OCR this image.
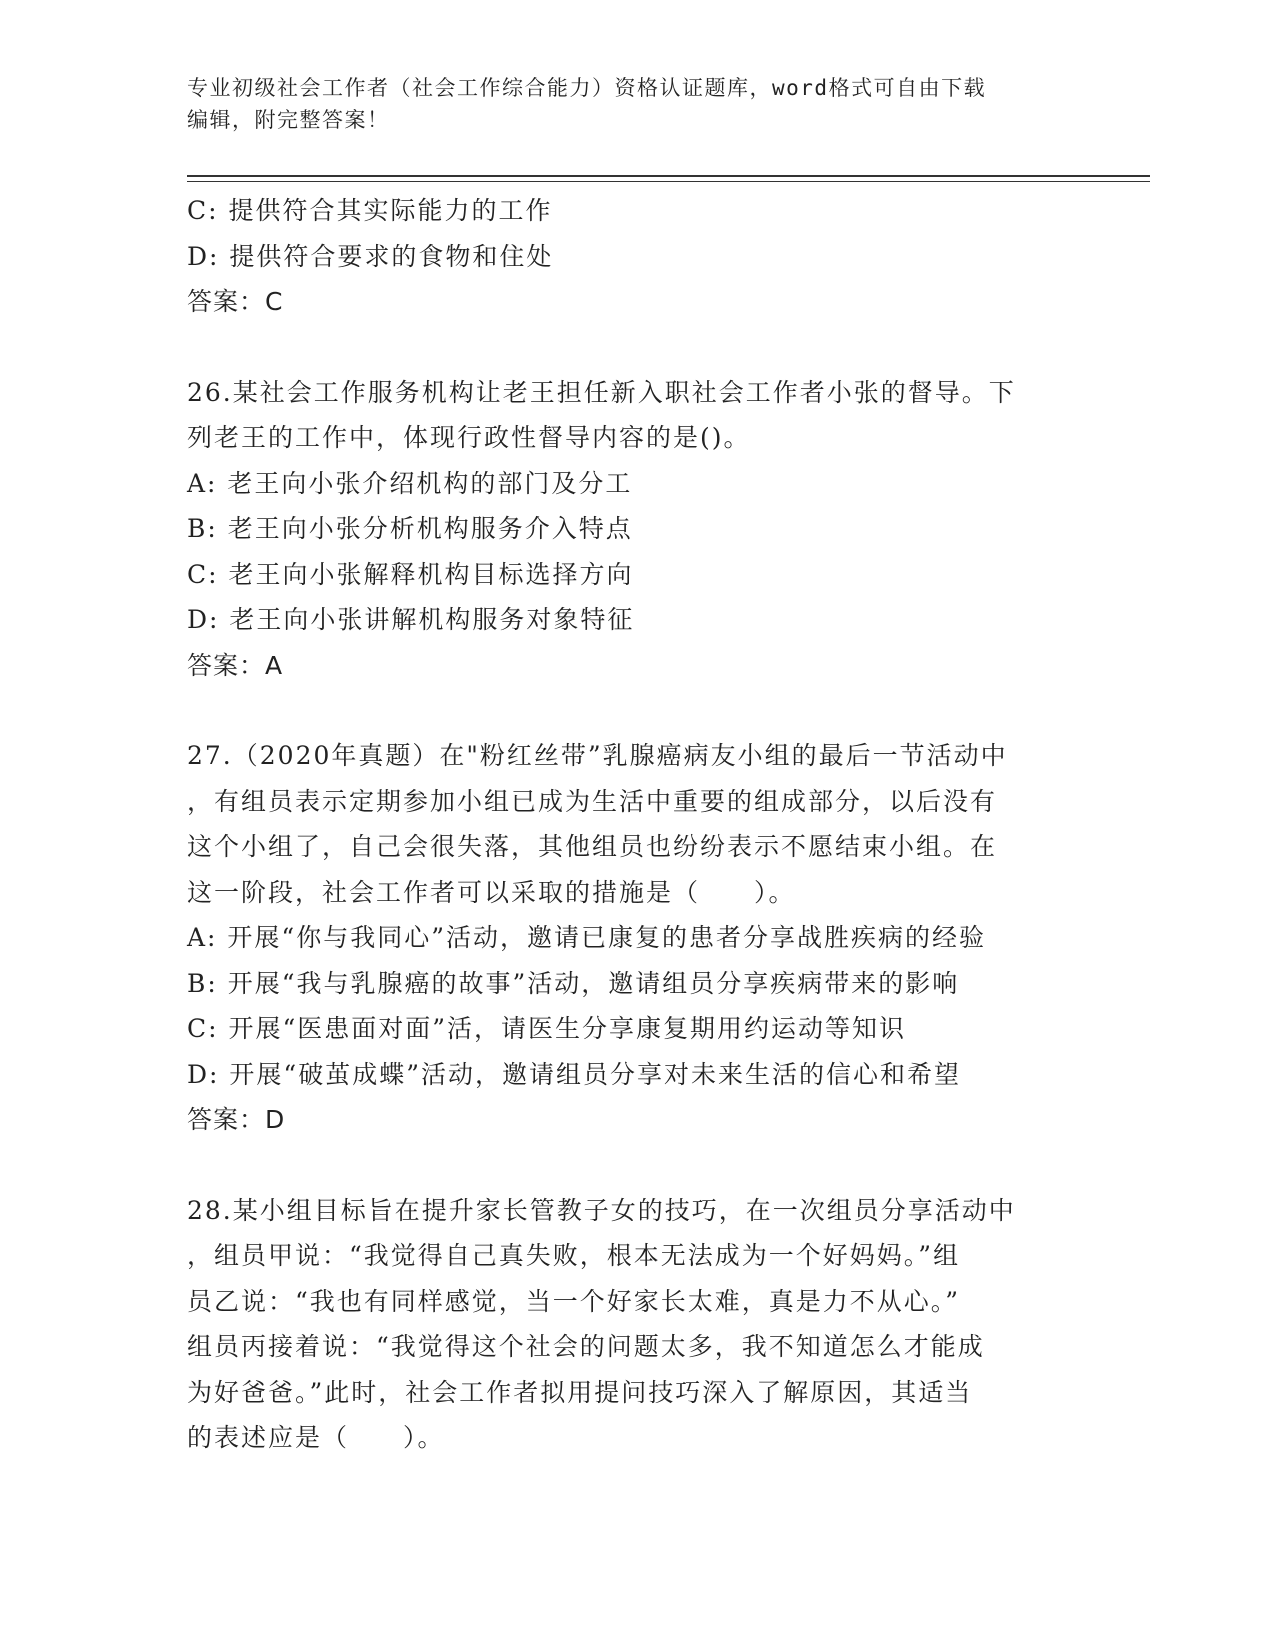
专业初级社会工作者（社会工作综合能力）资格认证题库，word格式可自由下载
编辑，附完整答案！
C: 提供符合其实际能力的工作
D: 提供符合要求的食物和住处
答案：C
26.某社会工作服务机构让老王担任新入职社会工作者小张的督导。下
列老王的工作中，体现行政性督导内容的是()。
A: 老王向小张介绍机构的部门及分工
B: 老王向小张分析机构服务介入特点
C: 老王向小张解释机构目标选择方向
D: 老王向小张讲解机构服务对象特征
答案：A
27.（2020年真题）在"粉红丝带”乳腺癌病友小组的最后一节活动中
，有组员表示定期参加小组已成为生活中重要的组成部分，以后没有
这个小组了，自己会很失落，其他组员也纷纷表示不愿结束小组。在
这一阶段，社会工作者可以采取的措施是（　　）。
A: 开展“你与我同心”活动，邀请已康复的患者分享战胜疾病的经验
B: 开展“我与乳腺癌的故事”活动，邀请组员分享疾病带来的影响
C: 开展“医患面对面”活，请医生分享康复期用约运动等知识
D: 开展“破茧成蝶”活动，邀请组员分享对未来生活的信心和希望
答案：D
28.某小组目标旨在提升家长管教子女的技巧，在一次组员分享活动中
，组员甲说：“我觉得自己真失败，根本无法成为一个好妈妈。”组
员乙说：“我也有同样感觉，当一个好家长太难，真是力不从心。”
组员丙接着说：“我觉得这个社会的问题太多，我不知道怎么才能成
为好爸爸。”此时，社会工作者拟用提问技巧深入了解原因，其适当
的表述应是（　　）。
